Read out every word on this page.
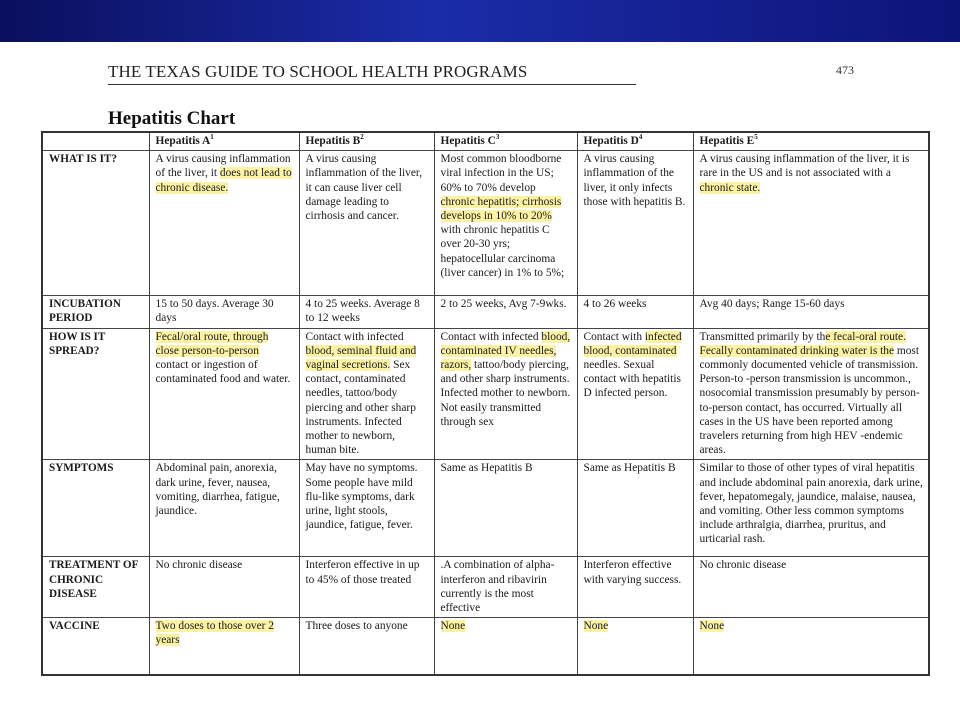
THE TEXAS GUIDE TO SCHOOL HEALTH PROGRAMS	473
Hepatitis Chart
	Hepatitis $A^1$	Hepatitis $B^2$	Hepatitis $C^3$	Hepatitis $D^4$	Hepatitis $E^5$
WHAT IS IT?	A virus causing inflammation of the liver, it does not lead to chronic disease.	A virus causing inflammation of the liver, it can cause liver cell damage leading to cirrhosis and cancer.	Most common bloodborne viral infection in the US; 60% to 70% develop chronic hepatitis; cirrhosis develops in 10% to 20% with chronic hepatitis C over 20-30 yrs; hepatocellular carcinoma (liver cancer) in 1% to 5%;	A virus causing inflammation of the liver, it only infects those with hepatitis B.	A virus causing inflammation of the liver, it is rare in the US and is not associated with a chronic state.
INCUBATION PERIOD	15 to 50 days. Average 30 days	4 to 25 weeks. Average 8 to 12 weeks	2 to 25 weeks, Avg 7-9wks.	4 to 26 weeks	Avg 40 days; Range 15-60 days
HOW IS IT SPREAD?	Fecal/oral route, through close person-to-person contact or ingestion of contaminated food and water.	Contact with infected blood, seminal fluid and vaginal secretions. Sex contact, contaminated needles, tattoo/body piercing and other sharp instruments. Infected mother to newborn, human bite.	Contact with infected blood, contaminated IV needles, razors, tattoo/body piercing, and other sharp instruments. Infected mother to newborn. Not easily transmitted through sex	Contact with infected blood, contaminated needles. Sexual contact with hepatitis D infected person.	Transmitted primarily by the fecal-oral route. Fecally contaminated drinking water is the most commonly documented vehicle of transmission. Person-to -person transmission is uncommon., nosocomial transmission presumably by person- to-person contact, has occurred. Virtually all cases in the US have been reported among travelers returning from high HEV -endemic areas.
SYMPTOMS	Abdominal pain, anorexia, dark urine, fever, nausea, vomiting, diarrhea, fatigue, jaundice.	May have no symptoms. Some people have mild flu-like symptoms, dark urine, light stools, jaundice, fatigue, fever.	Same as Hepatitis B	Same as Hepatitis B	Similar to those of other types of viral hepatitis and include abdominal pain anorexia, dark urine, fever, hepatomegaly, jaundice, malaise, nausea, and vomiting. Other less common symptoms include arthralgia, diarrhea, pruritus, and urticarial rash.
TREATMENT OF CHRONIC DISEASE	No chronic disease	Interferon effective in up to 45% of those treated	.A combination of alpha-interferon and ribavirin currently is the most effective	Interferon effective with varying success.	No chronic disease
VACCINE	Two doses to those over 2 years	Three doses to anyone	None	None	None
